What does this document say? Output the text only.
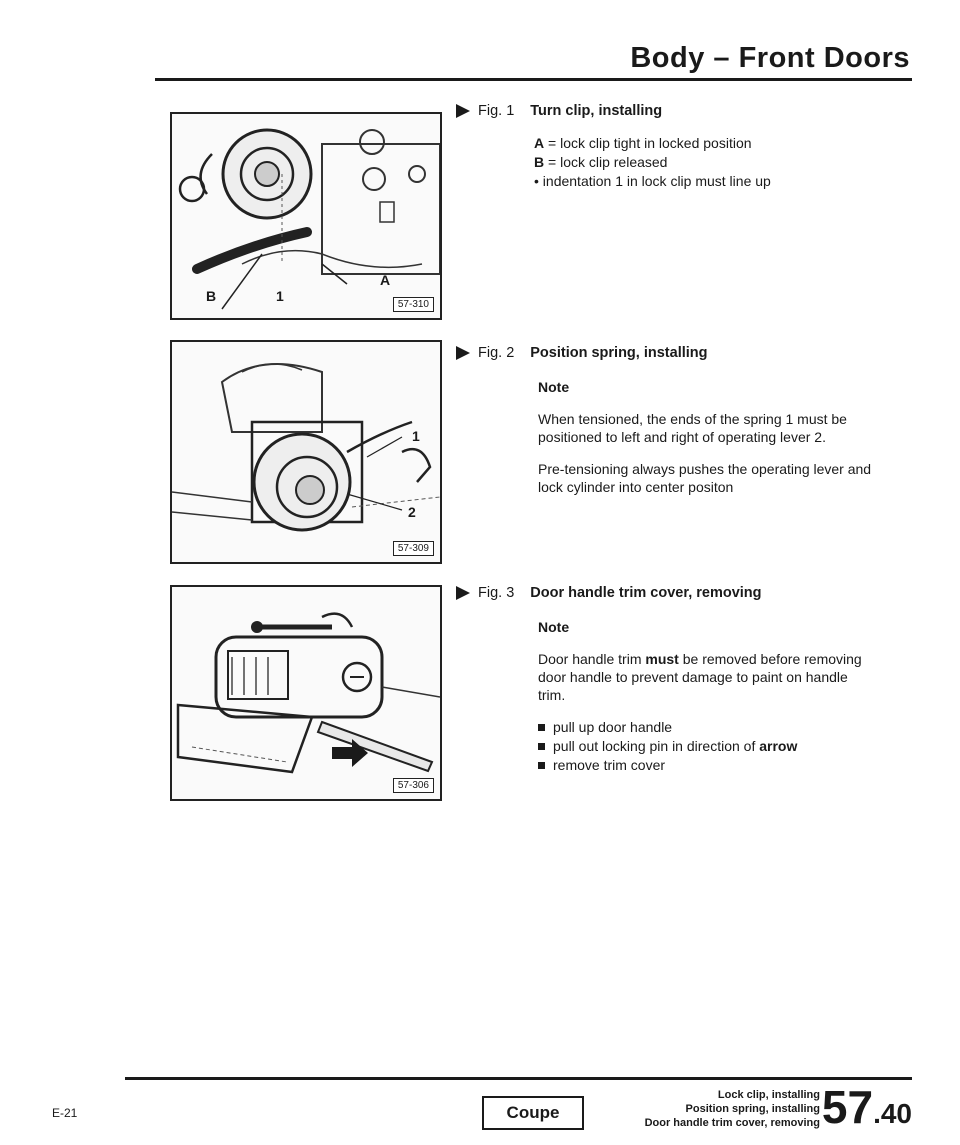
Body – Front Doors
A
B	1
57-310
Fig. 1 Turn clip, installing
A = lock clip tight in locked position
B = lock clip released
• indentation 1 in lock clip must line up
1
2
57-309
Fig. 2 Position spring, installing
Note
When tensioned, the ends of the spring 1 must be positioned to left and right of operating lever 2.
Pre-tensioning always pushes the operating lever and lock cylinder into center positon
57-306
Fig. 3 Door handle trim cover, removing
Note
Door handle trim must be removed before removing door handle to prevent damage to paint on handle trim.
pull up door handle
pull out locking pin in direction of arrow
remove trim cover
E-21	Coupe
Lock clip, installing
Position spring, installing
Door handle trim cover, removing 57.40
